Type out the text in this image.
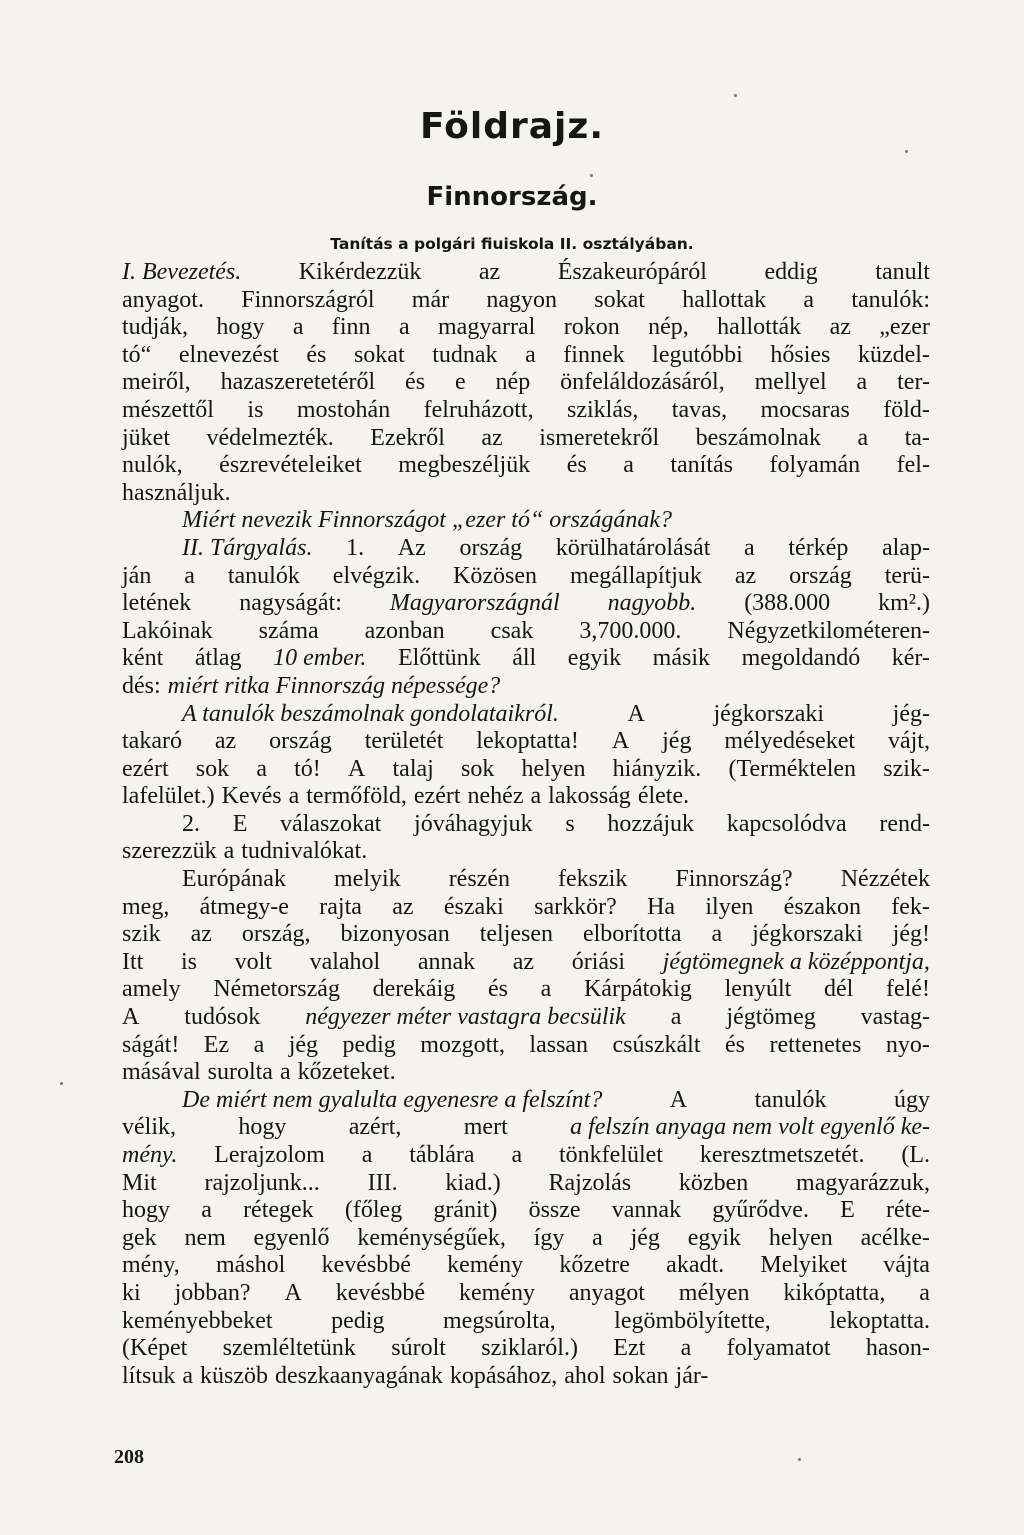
Földrajz.
Finnország.
Tanítás a polgári fiuiskola II. osztályában.
I. Bevezetés. Kikérdezzük az Északeurópáról eddig tanult
anyagot. Finnországról már nagyon sokat hallottak a tanulók:
tudják, hogy a finn a magyarral rokon nép, hallották az „ezer
tó“ elnevezést és sokat tudnak a finnek legutóbbi hősies küzdel-
meiről, hazaszeretetéről és e nép önfeláldozásáról, mellyel a ter-
mészettől is mostohán felruházott, sziklás, tavas, mocsaras föld-
jüket védelmezték. Ezekről az ismeretekről beszámolnak a ta-
nulók, észrevételeiket megbeszéljük és a tanítás folyamán fel-
használjuk.
Miért nevezik Finnországot „ezer tó“ országának?
II. Tárgyalás. 1. Az ország körülhatárolását a térkép alap-
ján a tanulók elvégzik. Közösen megállapítjuk az ország terü-
letének nagyságát: Magyarországnál nagyobb. (388.000 km².)
Lakóinak száma azonban csak 3,700.000. Négyzetkilométeren-
ként átlag 10 ember. Előttünk áll egyik másik megoldandó kér-
dés: miért ritka Finnország népessége?
A tanulók beszámolnak gondolataikról.	A	jégkorszaki	jég-
takaró az ország területét lekoptatta! A jég mélyedéseket vájt,
ezért sok a tó! A talaj sok helyen hiányzik. (Terméktelen szik-
lafelület.) Kevés a termőföld, ezért nehéz a lakosság élete.
2. E válaszokat jóváhagyjuk s hozzájuk kapcsolódva rend-
szerezzük a tudnivalókat.
Európának melyik részén fekszik Finnország? Nézzétek
meg, átmegy-e rajta az északi sarkkör? Ha ilyen északon fek-
szik az ország, bizonyosan teljesen elborította a jégkorszaki jég!
Itt is volt valahol annak az óriási jégtömegnek a középpontja,
amely Németország derekáig és a Kárpátokig lenyúlt dél felé!
A tudósok négyezer méter vastagra becsülik a jégtömeg vastag-
ságát! Ez a jég pedig mozgott, lassan csúszkált és rettenetes nyo-
másával surolta a kőzeteket.
De miért nem gyalulta egyenesre a felszínt?	A	tanulók	úgy
vélik,	hogy	azért,	mert	a felszín anyaga nem volt egyenlő ke-
mény. Lerajzolom a táblára a tönkfelület keresztmetszetét. (L.
Mit rajzoljunk... III. kiad.) Rajzolás közben magyarázzuk,
hogy a rétegek (főleg gránit) össze vannak gyűrődve. E réte-
gek nem egyenlő keménységűek, így a jég egyik helyen acélke-
mény, máshol kevésbbé kemény kőzetre akadt. Melyiket vájta
ki jobban? A kevésbbé kemény anyagot mélyen kikóptatta, a
keményebbeket pedig megsúrolta, legömbölyítette, lekoptatta.
(Képet szemléltetünk súrolt sziklaról.) Ezt a folyamatot hason-
lítsuk a küszöb deszkaanyagának kopásához, ahol sokan jár-
208
